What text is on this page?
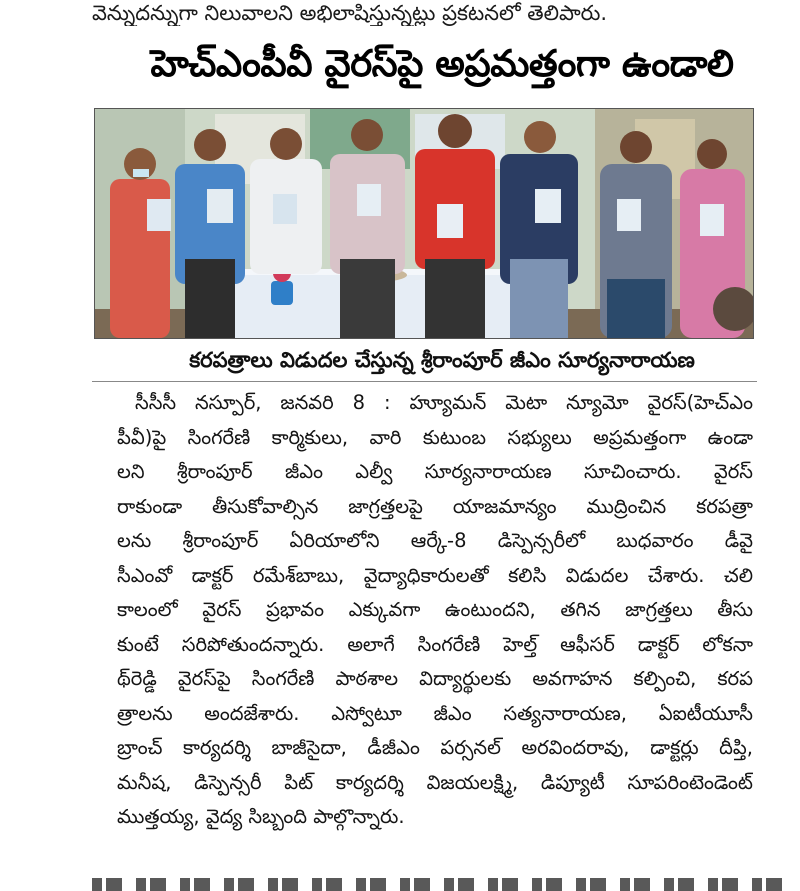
వెన్నుదన్నుగా నిలువాలని అభిలాషిస్తున్నట్లు ప్రకటనలో తెలిపారు.
హెచ్‌ఎంపీవీ వైరస్‌పై అప్రమత్తంగా ఉండాలి
కరపత్రాలు విడుదల చేస్తున్న శ్రీరాంపూర్‌ జీఎం సూర్యనారాయణ
సీసీసీ నస్పూర్‌, జనవరి 8 : హ్యూమన్‌ మెటా న్యూమో వైరస్‌(హెచ్‌ఎం
పీవీ)పై సింగరేణి కార్మికులు, వారి కుటుంబ సభ్యులు అప్రమత్తంగా ఉండా
లని శ్రీరాంపూర్‌ జీఎం ఎల్వీ సూర్యనారాయణ సూచించారు. వైరస్‌
రాకుండా తీసుకోవాల్సిన జాగ్రత్తలపై యాజమాన్యం ముద్రించిన కరపత్రా
లను శ్రీరాంపూర్‌ ఏరియాలోని ఆర్కే-8 డిస్పెన్సరీలో బుధవారం డీవై
సీఎంవో డాక్టర్‌ రమేశ్‌బాబు, వైద్యాధికారులతో కలిసి విడుదల చేశారు. చలి
కాలంలో వైరస్‌ ప్రభావం ఎక్కువగా ఉంటుందని, తగిన జాగ్రత్తలు తీసు
కుంటే సరిపోతుందన్నారు. అలాగే సింగరేణి హెల్త్‌ ఆఫీసర్‌ డాక్టర్‌ లోకనా
థ్‌రెడ్డి వైరస్‌పై సింగరేణి పాఠశాల విద్యార్థులకు అవగాహన కల్పించి, కరప
త్రాలను అందజేశారు. ఎస్వోటూ జీఎం సత్యనారాయణ, ఏఐటీయూసీ
బ్రాంచ్‌ కార్యదర్శి బాజీసైదా, డీజీఎం పర్సనల్‌ అరవిందరావు, డాక్టర్లు దీప్తి,
మనీష, డిస్పెన్సరీ పిట్‌ కార్యదర్శి విజయలక్ష్మి, డిప్యూటీ సూపరింటెండెంట్‌
ముత్తయ్య, వైద్య సిబ్బంది పాల్గొన్నారు.
